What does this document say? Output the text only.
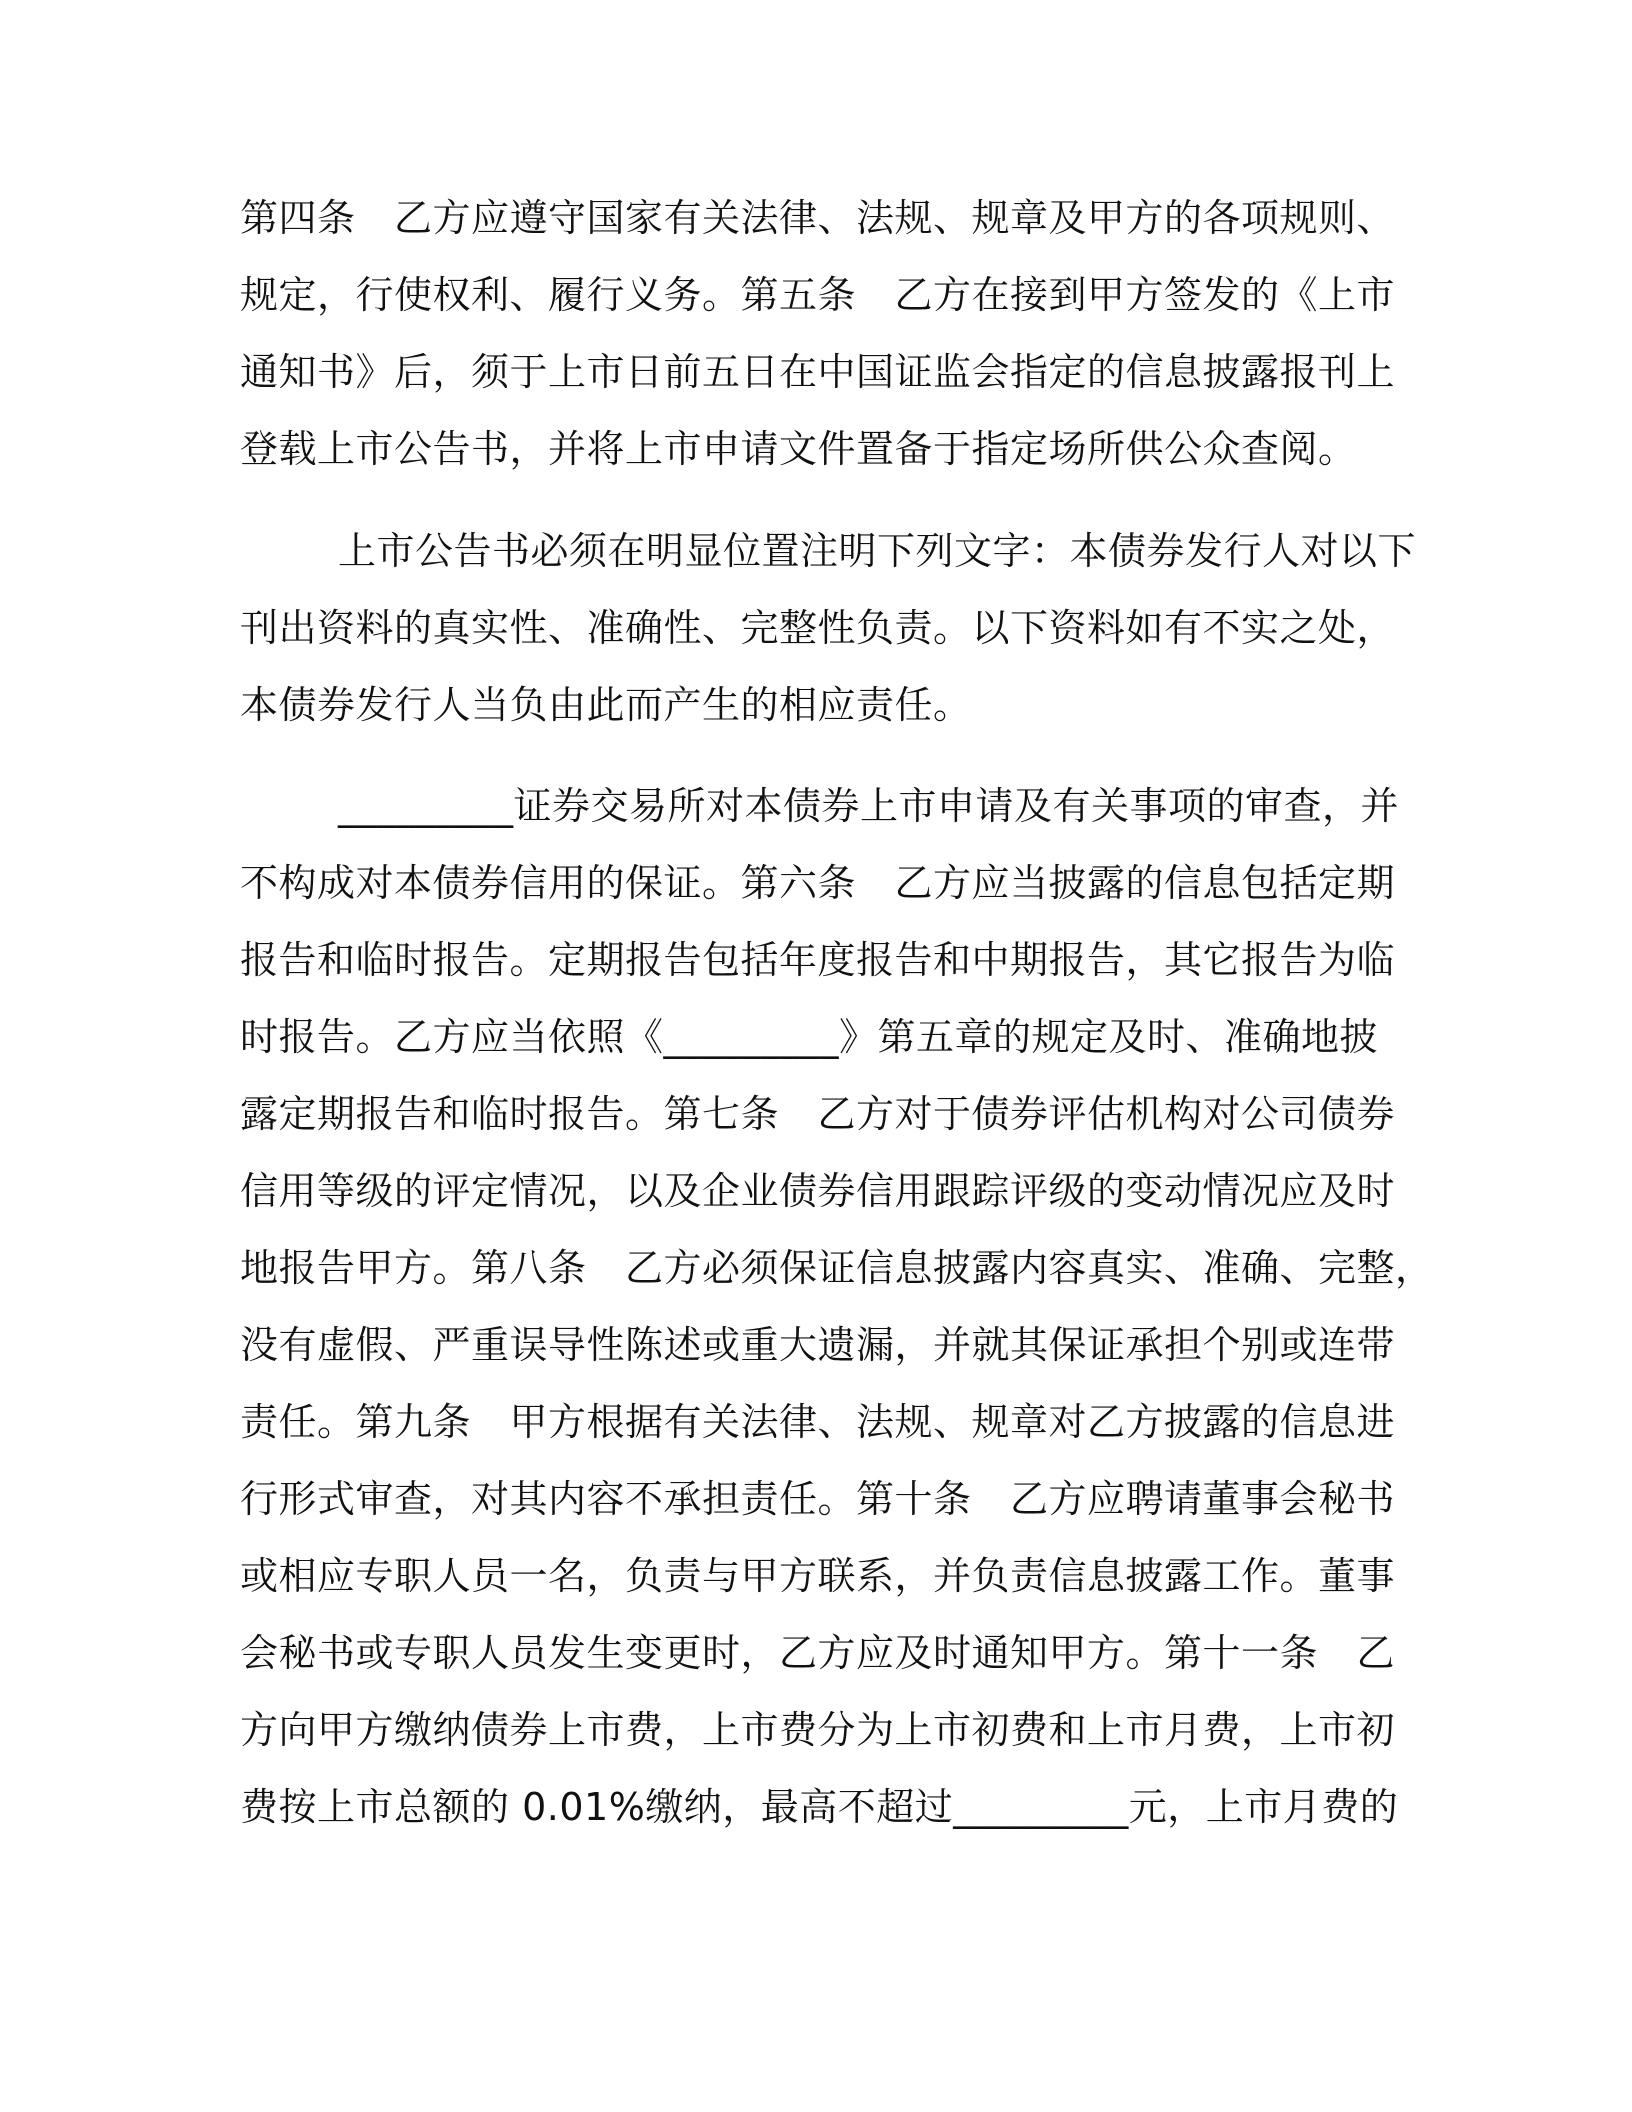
第四条　乙方应遵守国家有关法律、法规、规章及甲方的各项规则、
规定，行使权利、履行义务。第五条　乙方在接到甲方签发的《上市
通知书》后，须于上市日前五日在中国证监会指定的信息披露报刊上
登载上市公告书，并将上市申请文件置备于指定场所供公众查阅。
上市公告书必须在明显位置注明下列文字：本债券发行人对以下
刊出资料的真实性、准确性、完整性负责。以下资料如有不实之处，
本债券发行人当负由此而产生的相应责任。
_________证券交易所对本债券上市申请及有关事项的审查，并
不构成对本债券信用的保证。第六条　乙方应当披露的信息包括定期
报告和临时报告。定期报告包括年度报告和中期报告，其它报告为临
时报告。乙方应当依照《_________》第五章的规定及时、准确地披
露定期报告和临时报告。第七条　乙方对于债券评估机构对公司债券
信用等级的评定情况，以及企业债券信用跟踪评级的变动情况应及时
地报告甲方。第八条　乙方必须保证信息披露内容真实、准确、完整，
没有虚假、严重误导性陈述或重大遗漏，并就其保证承担个别或连带
责任。第九条　甲方根据有关法律、法规、规章对乙方披露的信息进
行形式审查，对其内容不承担责任。第十条　乙方应聘请董事会秘书
或相应专职人员一名，负责与甲方联系，并负责信息披露工作。董事
会秘书或专职人员发生变更时，乙方应及时通知甲方。第十一条　乙
方向甲方缴纳债券上市费，上市费分为上市初费和上市月费，上市初
费按上市总额的 0.01%缴纳，最高不超过_________元，上市月费的
